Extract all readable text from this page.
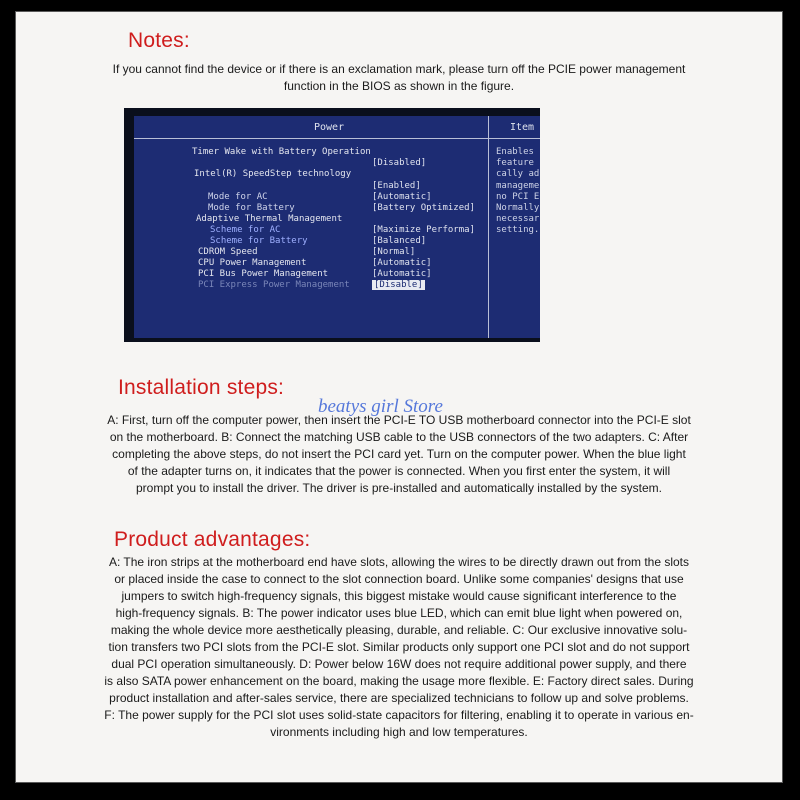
Notes:
If you cannot find the device or if there is an exclamation mark, please turn off the PCIE power management
function in the BIOS as shown in the figure.
Installation steps:
A: First, turn off the computer power, then insert the PCI-E TO USB motherboard connector into the PCI-E slot
on the motherboard. B: Connect the matching USB cable to the USB connectors of the two adapters. C: After
completing the above steps, do not insert the PCI card yet. Turn on the computer power. When the blue light
of the adapter turns on, it indicates that the power is connected. When you first enter the system, it will
prompt you to install the driver. The driver is pre-installed and automatically installed by the system.
Product advantages:
A: The iron strips at the motherboard end have slots, allowing the wires to be directly drawn out from the slots
or placed inside the case to connect to the slot connection board. Unlike some companies' designs that use
jumpers to switch high-frequency signals, this biggest mistake would cause significant interference to the
high-frequency signals. B: The power indicator uses blue LED, which can emit blue light when powered on,
making the whole device more aesthetically pleasing, durable, and reliable. C: Our exclusive innovative solu-
tion transfers two PCI slots from the PCI-E slot. Similar products only support one PCI slot and do not support
dual PCI operation simultaneously. D: Power below 16W does not require additional power supply, and there
is also SATA power enhancement on the board, making the usage more flexible. E: Factory direct sales. During
product installation and after-sales service, there are specialized technicians to follow up and solve problems.
F: The power supply for the PCI slot uses solid-state capacitors for filtering, enabling it to operate in various en-
vironments including high and low temperatures.
Power	Item
Timer Wake with Battery Operation
[Disabled]
Intel(R) SpeedStep technology
[Enabled]
Mode for AC	[Automatic]
Mode for Battery	[Battery Optimized]
Adaptive Thermal Management
Scheme for AC	[Maximize Performa]
Scheme for Battery	[Balanced]
CDROM Speed	[Normal]
CPU Power Management	[Automatic]
PCI Bus Power Management	[Automatic]
PCI Express Power Management	[Disable]
Enables
feature
cally ad
manageme
no PCI E
Normally
necessar
setting.
beatys girl Store
